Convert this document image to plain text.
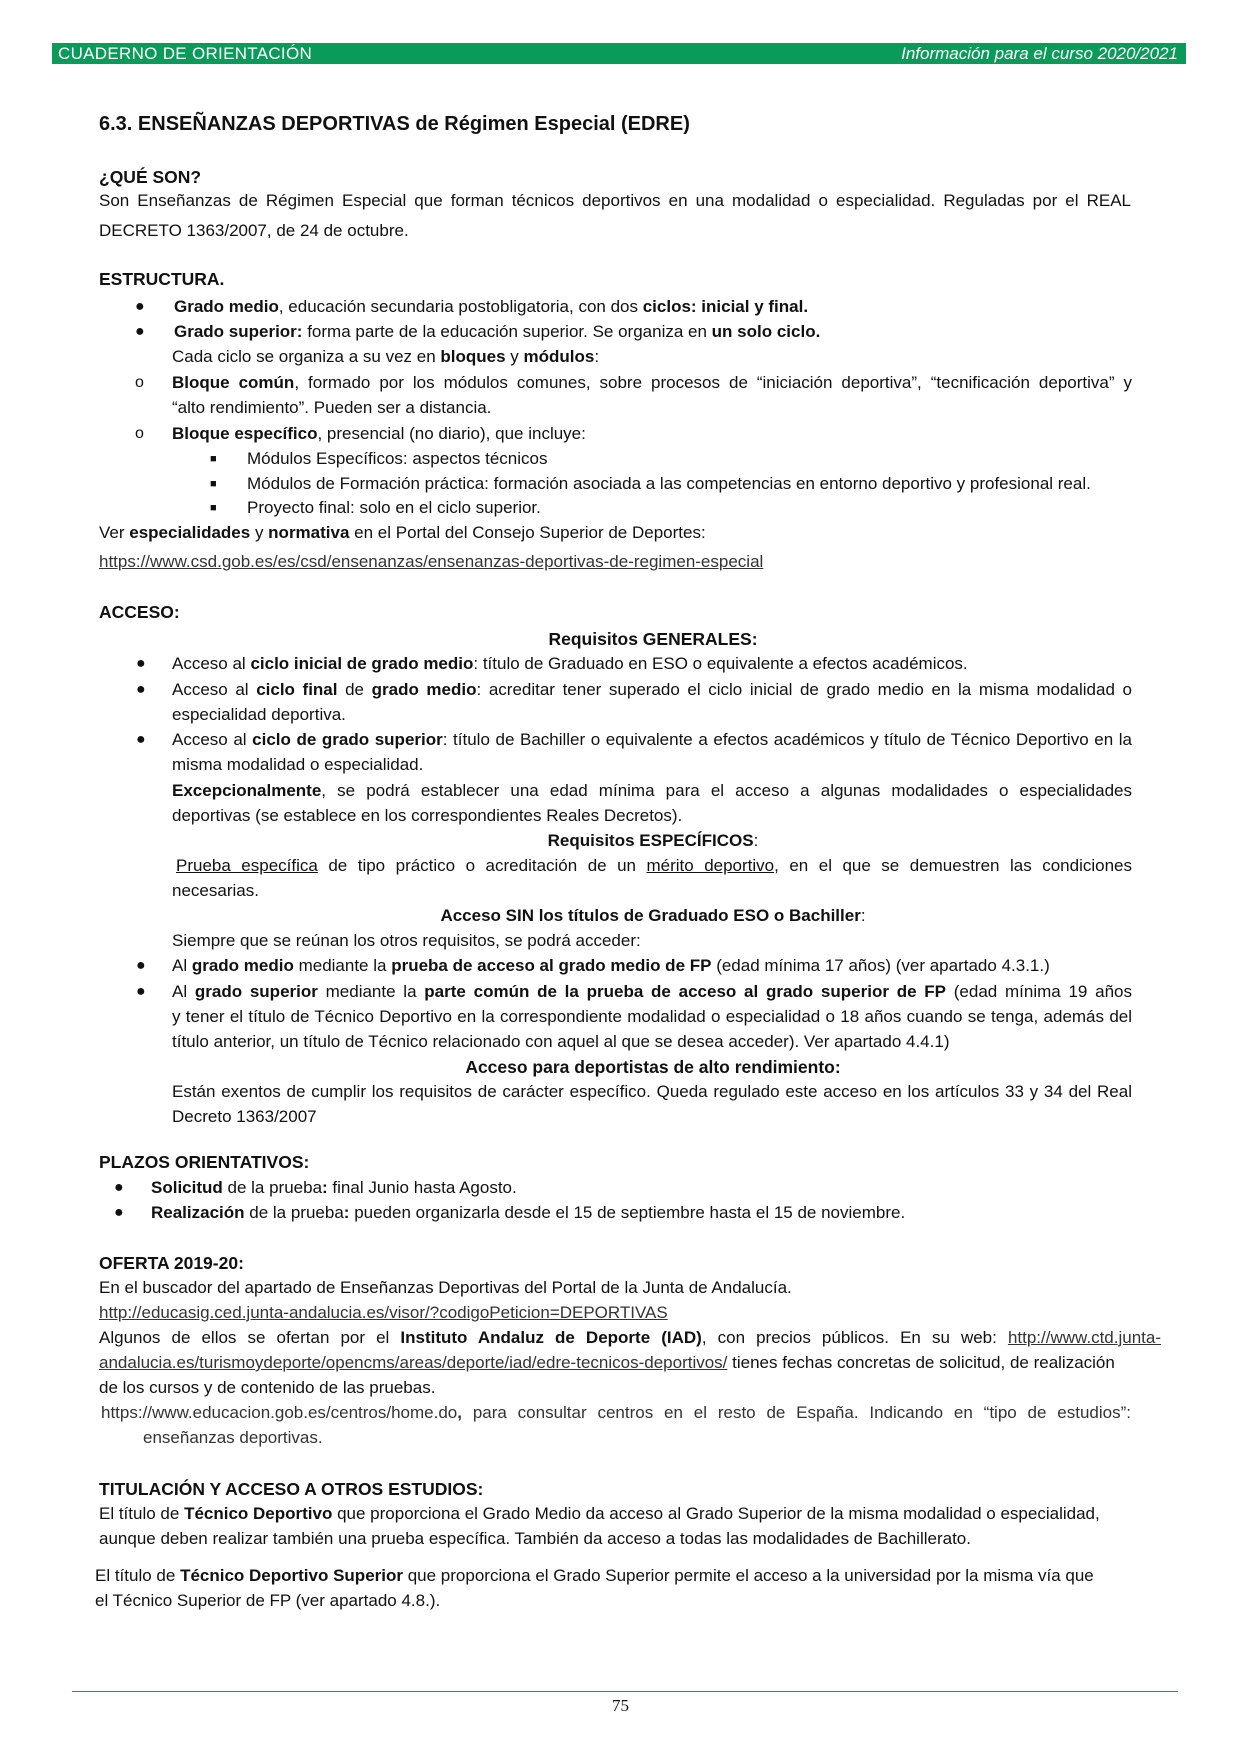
CUADERNO DE ORIENTACIÓN	Información para el curso 2020/2021
6.3. ENSEÑANZAS DEPORTIVAS de Régimen Especial (EDRE)
¿QUÉ SON?
Son Enseñanzas de Régimen Especial que forman técnicos deportivos en una modalidad o especialidad. Reguladas por el REAL
DECRETO 1363/2007, de 24 de octubre.
ESTRUCTURA.
● Grado medio, educación secundaria postobligatoria, con dos ciclos: inicial y final.
● Grado superior: forma parte de la educación superior. Se organiza en un solo ciclo.
Cada ciclo se organiza a su vez en bloques y módulos:
o Bloque común, formado por los módulos comunes, sobre procesos de “iniciación deportiva”, “tecnificación deportiva” y
“alto rendimiento”. Pueden ser a distancia.
o Bloque específico, presencial (no diario), que incluye:
■ Módulos Específicos: aspectos técnicos
■ Módulos de Formación práctica: formación asociada a las competencias en entorno deportivo y profesional real.
■ Proyecto final: solo en el ciclo superior.
Ver especialidades y normativa en el Portal del Consejo Superior de Deportes:
https://www.csd.gob.es/es/csd/ensenanzas/ensenanzas-deportivas-de-regimen-especial
ACCESO:
Requisitos GENERALES:
● Acceso al ciclo inicial de grado medio: título de Graduado en ESO o equivalente a efectos académicos.
● Acceso al ciclo final de grado medio: acreditar tener superado el ciclo inicial de grado medio en la misma modalidad o
especialidad deportiva.
● Acceso al ciclo de grado superior: título de Bachiller o equivalente a efectos académicos y título de Técnico Deportivo en la
misma modalidad o especialidad.
Excepcionalmente, se podrá establecer una edad mínima para el acceso a algunas modalidades o especialidades
deportivas (se establece en los correspondientes Reales Decretos).
Requisitos ESPECÍFICOS:
Prueba específica de tipo práctico o acreditación de un mérito deportivo, en el que se demuestren las condiciones
necesarias.
Acceso SIN los títulos de Graduado ESO o Bachiller:
Siempre que se reúnan los otros requisitos, se podrá acceder:
● Al grado medio mediante la prueba de acceso al grado medio de FP (edad mínima 17 años) (ver apartado 4.3.1.)
● Al grado superior mediante la parte común de la prueba de acceso al grado superior de FP (edad mínima 19 años
y tener el título de Técnico Deportivo en la correspondiente modalidad o especialidad o 18 años cuando se tenga, además del
título anterior, un título de Técnico relacionado con aquel al que se desea acceder). Ver apartado 4.4.1)
Acceso para deportistas de alto rendimiento:
Están exentos de cumplir los requisitos de carácter específico. Queda regulado este acceso en los artículos 33 y 34 del Real
Decreto 1363/2007
PLAZOS ORIENTATIVOS:
● Solicitud de la prueba: final Junio hasta Agosto.
● Realización de la prueba: pueden organizarla desde el 15 de septiembre hasta el 15 de noviembre.
OFERTA 2019-20:
En el buscador del apartado de Enseñanzas Deportivas del Portal de la Junta de Andalucía.
http://educasig.ced.junta-andalucia.es/visor/?codigoPeticion=DEPORTIVAS
Algunos de ellos se ofertan por el Instituto Andaluz de Deporte (IAD), con precios públicos. En su web: http://www.ctd.junta-
andalucia.es/turismoydeporte/opencms/areas/deporte/iad/edre-tecnicos-deportivos/ tienes fechas concretas de solicitud, de realización
de los cursos y de contenido de las pruebas.
https://www.educacion.gob.es/centros/home.do, para consultar centros en el resto de España. Indicando en “tipo de estudios”:
enseñanzas deportivas.
TITULACIÓN Y ACCESO A OTROS ESTUDIOS:
El título de Técnico Deportivo que proporciona el Grado Medio da acceso al Grado Superior de la misma modalidad o especialidad,
aunque deben realizar también una prueba específica. También da acceso a todas las modalidades de Bachillerato.
El título de Técnico Deportivo Superior que proporciona el Grado Superior permite el acceso a la universidad por la misma vía que
el Técnico Superior de FP (ver apartado 4.8.).
75
